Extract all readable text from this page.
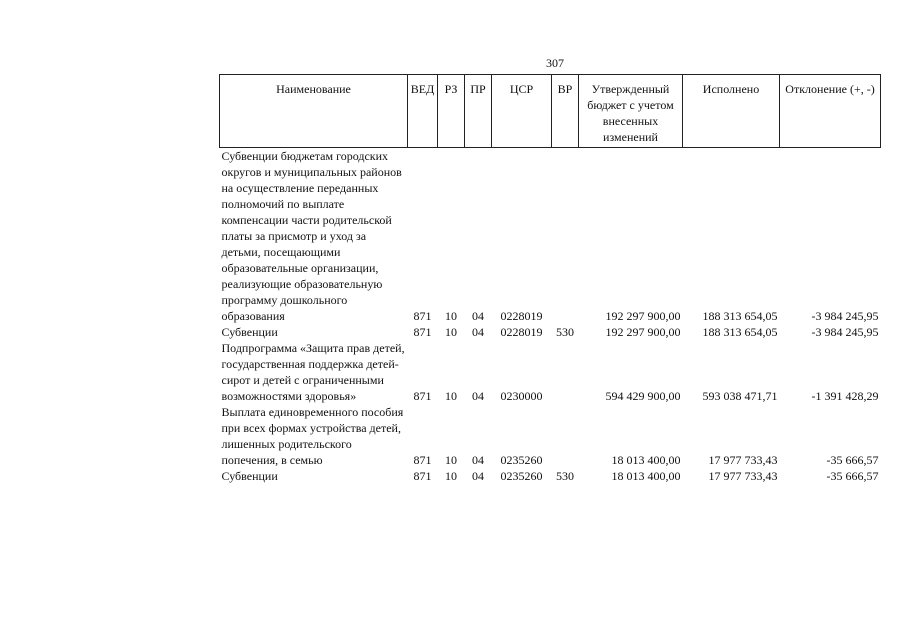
307
Наименование	ВЕД	РЗ	ПР	ЦСР	ВР	Утвержденный бюджет с учетом внесенных изменений	Исполнено	Отклонение (+, -)
Субвенции бюджетам городских округов и муниципальных районов на осуществление переданных полномочий по выплате компенсации части родительской платы за присмотр и уход за детьми, посещающими образовательные организации, реализующие образовательную программу дошкольного образования	871	10	04	0228019		192 297 900,00	188 313 654,05	-3 984 245,95
Субвенции	871	10	04	0228019	530	192 297 900,00	188 313 654,05	-3 984 245,95
Подпрограмма «Защита прав детей, государственная поддержка детей-сирот и детей с ограниченными возможностями здоровья»	871	10	04	0230000		594 429 900,00	593 038 471,71	-1 391 428,29
Выплата единовременного пособия при всех формах устройства детей, лишенных родительского попечения, в семью	871	10	04	0235260		18 013 400,00	17 977 733,43	-35 666,57
Субвенции	871	10	04	0235260	530	18 013 400,00	17 977 733,43	-35 666,57
